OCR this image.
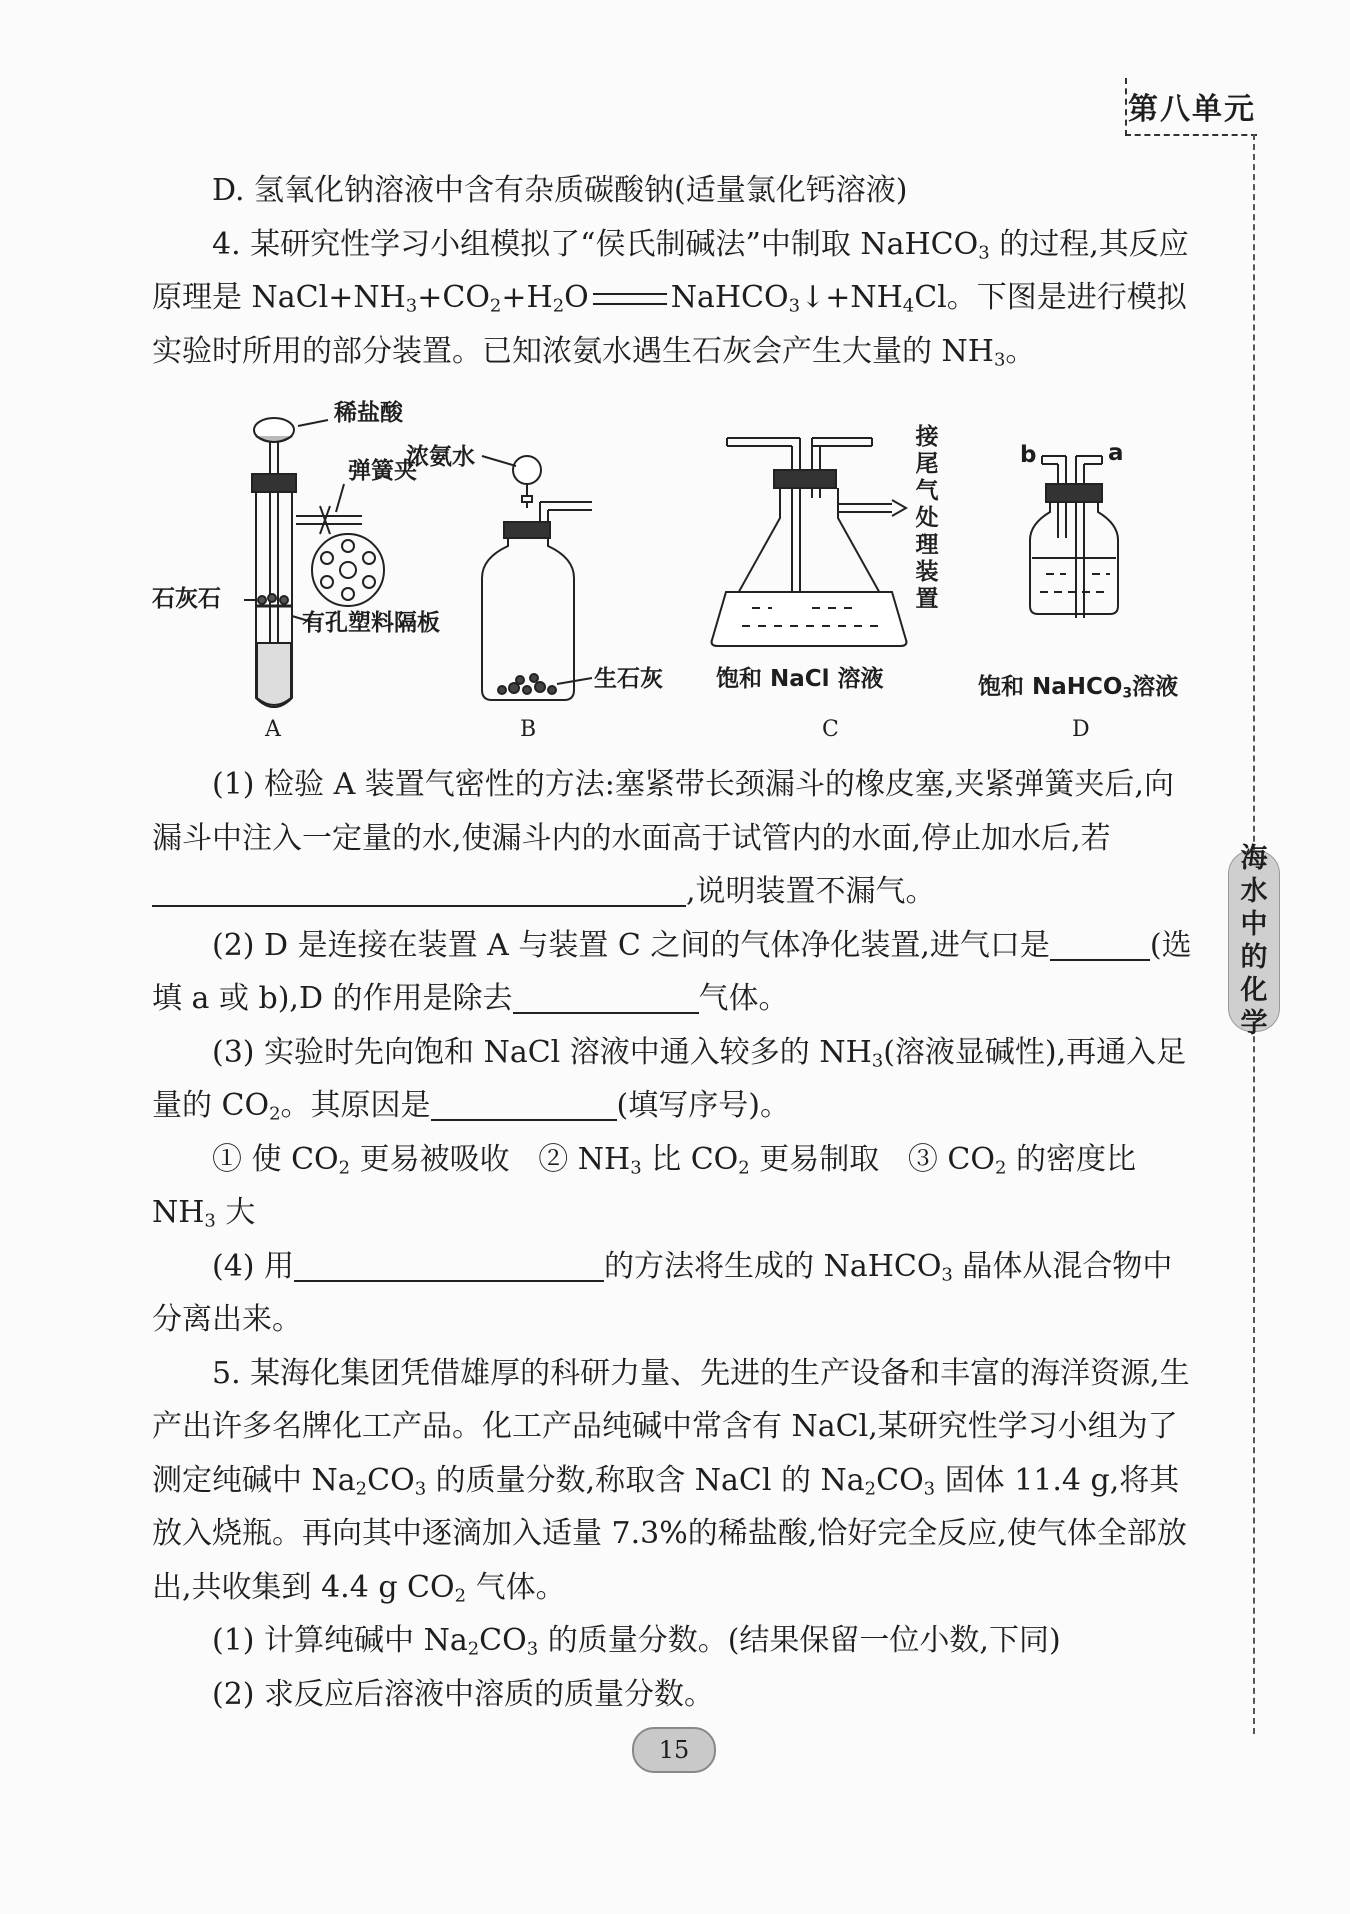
第八单元
海
水
中
的
化
学

D. 氢氧化钠溶液中含有杂质碳酸钠(适量氯化钙溶液)

4. 某研究性学习小组模拟了“侯氏制碱法”中制取 NaHCO$_3$ 的过程,其反应原理是 $NaCl+NH_3+CO_2+H_2O$	$NaHCO_3↓+NH_4Cl$。下图是进行模拟实验时所用的部分装置。已知浓氨水遇生石灰会产生大量的 $NH_3$。

稀盐酸
弹簧夹
石灰石
有孔塑料隔板
浓氨水
生石灰
接尾气处理装置
饱和 NaCl 溶液
b	a
饱和 NaHCO$_3$溶液
A	B	C	D

(1) 检验 A 装置气密性的方法:塞紧带长颈漏斗的橡皮塞,夹紧弹簧夹后,向漏斗中注入一定量的水,使漏斗内的水面高于试管内的水面,停止加水后,若,说明装置不漏气。

(2) D 是连接在装置 A 与装置 C 之间的气体净化装置,进气口是	(选填 a 或 b),D 的作用是除去	气体。

(3) 实验时先向饱和 NaCl 溶液中通入较多的 $NH_3$(溶液显碱性),再通入足量的 $CO_2$。其原因是	(填写序号)。

① 使 $CO_2$ 更易被吸收 ② $NH_3$ 比 $CO_2$ 更易制取 ③ $CO_2$ 的密度比 $NH_3$ 大

(4) 用	的方法将生成的 NaHCO$_3$ 晶体从混合物中分离出来。

5. 某海化集团凭借雄厚的科研力量、先进的生产设备和丰富的海洋资源,生产出许多名牌化工产品。化工产品纯碱中常含有 NaCl,某研究性学习小组为了测定纯碱中 $Na_2CO_3$ 的质量分数,称取含 NaCl 的 $Na_2CO_3$ 固体 11.4 g,将其放入烧瓶。再向其中逐滴加入适量 7.3%的稀盐酸,恰好完全反应,使气体全部放出,共收集到 4.4 g $CO_2$ 气体。

(1) 计算纯碱中 $Na_2CO_3$ 的质量分数。(结果保留一位小数,下同)

(2) 求反应后溶液中溶质的质量分数。

15
